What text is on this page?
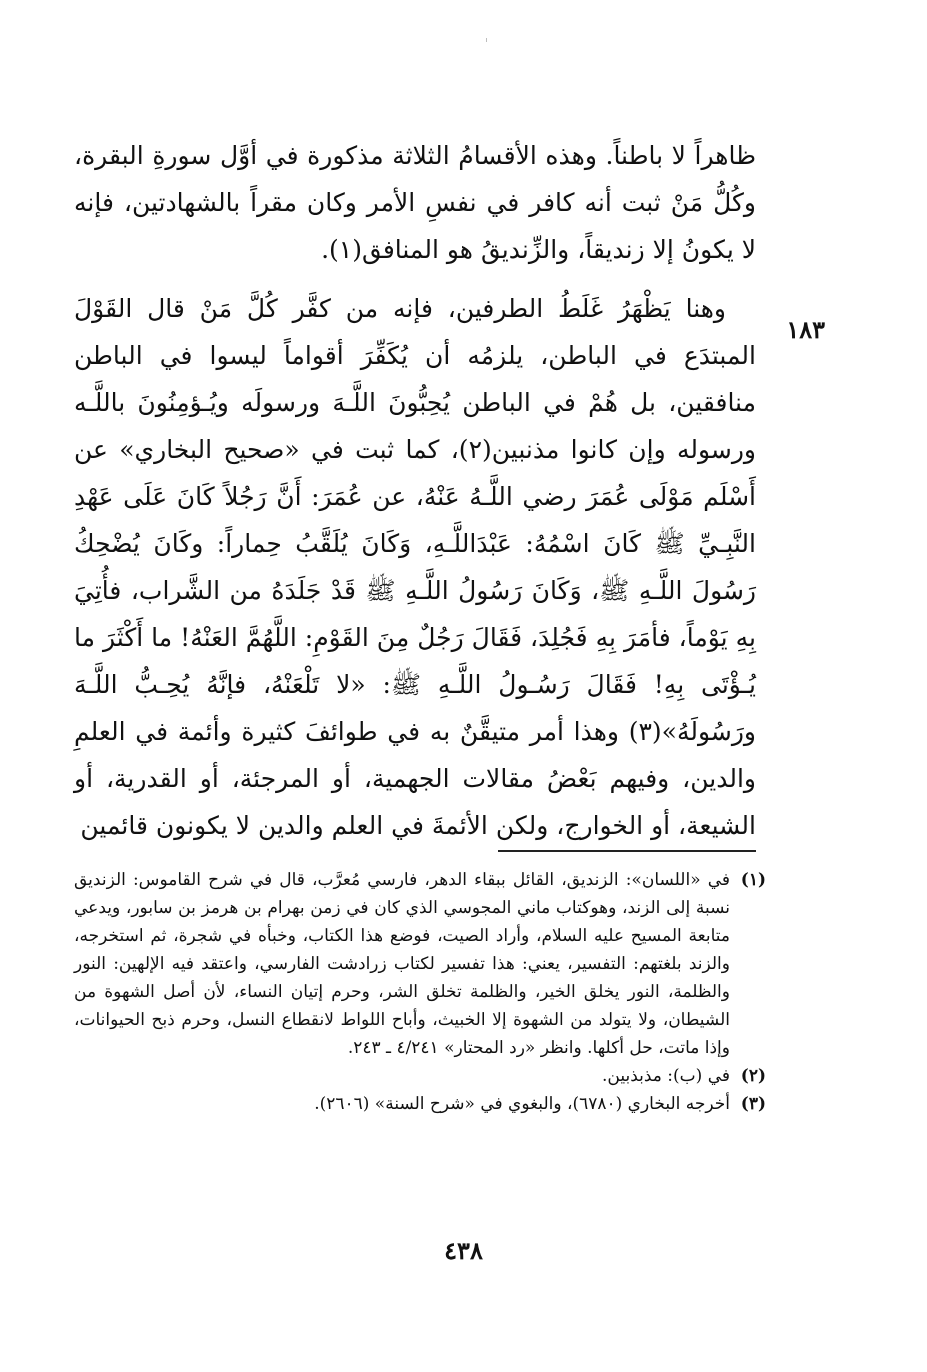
١٨٣

ظاهراً لا باطناً. وهذه الأقسامُ الثلاثة مذكورة في أوَّل سورةِ البقرة، وكُلُّ مَنْ ثبت أنه كافر في نفسِ الأمر وكان مقراً بالشهادتين، فإنه لا يكونُ إلا زنديقاً، والزِّنديقُ هو المنافق(١).

وهنا يَظْهَرُ غَلَطُ الطرفين، فإنه من كفَّر كُلَّ مَنْ قال القَوْلَ المبتدَع في الباطن، يلزمُه أن يُكَفِّرَ أقواماً ليسوا في الباطن منافقين، بل هُمْ في الباطن يُحِبُّونَ اللَّـهَ ورسولَه ويُـؤمِنُونَ باللَّـه ورسوله وإن كانوا مذنبين(٢)، كما ثبت في «صحيح البخاري» عن أَسْلَم مَوْلَى عُمَرَ رضي اللَّـهُ عَنْهُ، عن عُمَرَ: أَنَّ رَجُلاً كَانَ عَلَى عَهْدِ النَّبِـيِّ ﷺ كَانَ اسْمُهُ: عَبْدَاللَّـهِ، وَكَانَ يُلَقَّبُ حِماراً: وكَانَ يُضْحِكُ رَسُولَ اللَّـهِ ﷺ، وَكَانَ رَسُولُ اللَّـهِ ﷺ قَدْ جَلَدَهُ من الشَّراب، فأُتِيَ بِهِ يَوْماً، فأمَرَ بِهِ فَجُلِدَ، فَقَالَ رَجُلٌ مِنَ القَوْمِ: اللَّهُمَّ العَنْهُ! ما أَكْثَرَ ما يُـؤْتَى بِهِ! فَقَالَ رَسُـولُ اللَّـهِ ﷺ: «لا تَلْعَنْهُ، فإنَّهُ يُحِـبُّ اللَّـهَ ورَسُولَهُ»(٣) وهذا أمر متيقَّنٌ به في طوائفَ كثيرة وأئمة في العلمِ والدين، وفيهم بَعْضُ مقالات الجهمية، أو المرجئة، أو القدرية، أو الشيعة، أو الخوارج، ولكن الأئمةَ في العلم والدين لا يكونون قائمين

(١)
في «اللسان»: الزنديق، القائل ببقاء الدهر، فارسي مُعرَّب، قال في شرح القاموس: الزنديق نسبة إلى الزند، وهوكتاب ماني المجوسي الذي كان في زمن بهرام بن هرمز بن سابور، ويدعي متابعة المسيح عليه السلام، وأراد الصيت، فوضع هذا الكتاب، وخبأه في شجرة، ثم استخرجه، والزند بلغتهم: التفسير، يعني: هذا تفسير لكتاب زرادشت الفارسي، واعتقد فيه الإلهين: النور والظلمة، النور يخلق الخير، والظلمة تخلق الشر، وحرم إتيان النساء، لأن أصل الشهوة من الشيطان، ولا يتولد من الشهوة إلا الخبيث، وأباح اللواط لانقطاع النسل، وحرم ذبح الحيوانات، وإذا ماتت، حل أكلها. وانظر «رد المحتار» ٤/٢٤١ ـ ٢٤٣.

(٢)
في (ب): مذبذبين.

(٣)
أخرجه البخاري (٦٧٨٠)، والبغوي في «شرح السنة» (٢٦٠٦).

٤٣٨
